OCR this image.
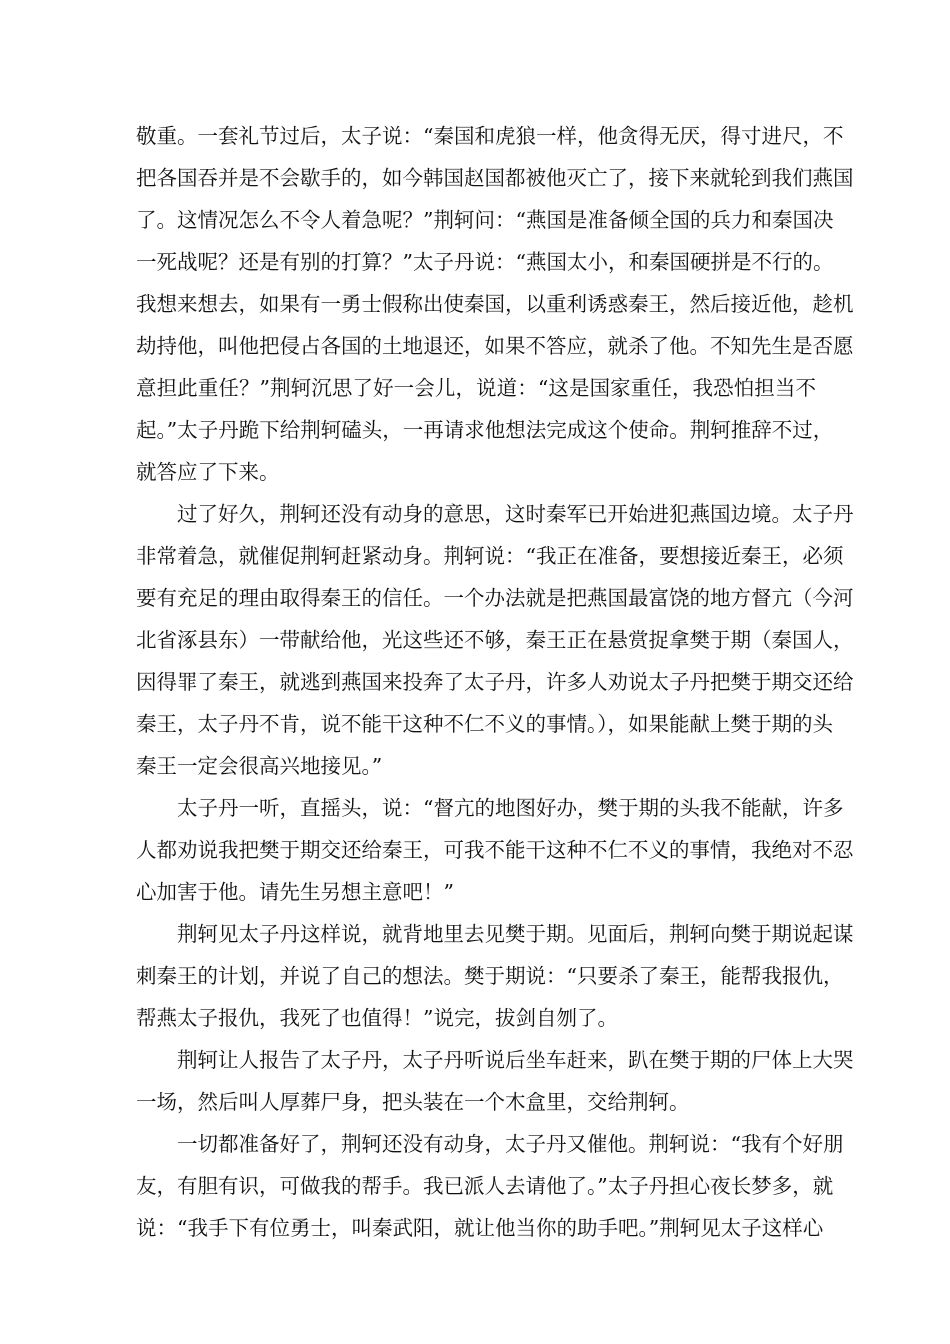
敬重。一套礼节过后，太子说：“秦国和虎狼一样，他贪得无厌，得寸进尺，不
把各国吞并是不会歇手的，如今韩国赵国都被他灭亡了，接下来就轮到我们燕国
了。这情况怎么不令人着急呢？”荆轲问：“燕国是准备倾全国的兵力和秦国决
一死战呢？还是有别的打算？”太子丹说：“燕国太小，和秦国硬拼是不行的。
我想来想去，如果有一勇士假称出使秦国，以重利诱惑秦王，然后接近他，趁机
劫持他，叫他把侵占各国的土地退还，如果不答应，就杀了他。不知先生是否愿
意担此重任？”荆轲沉思了好一会儿，说道：“这是国家重任，我恐怕担当不
起。”太子丹跪下给荆轲磕头，一再请求他想法完成这个使命。荆轲推辞不过，
就答应了下来。
过了好久，荆轲还没有动身的意思，这时秦军已开始进犯燕国边境。太子丹
非常着急，就催促荆轲赶紧动身。荆轲说：“我正在准备，要想接近秦王，必须
要有充足的理由取得秦王的信任。一个办法就是把燕国最富饶的地方督亢（今河
北省涿县东）一带献给他，光这些还不够，秦王正在悬赏捉拿樊于期（秦国人，
因得罪了秦王，就逃到燕国来投奔了太子丹，许多人劝说太子丹把樊于期交还给
秦王，太子丹不肯，说不能干这种不仁不义的事情。），如果能献上樊于期的头
秦王一定会很高兴地接见。”
太子丹一听，直摇头，说：“督亢的地图好办，樊于期的头我不能献，许多
人都劝说我把樊于期交还给秦王，可我不能干这种不仁不义的事情，我绝对不忍
心加害于他。请先生另想主意吧！”
荆轲见太子丹这样说，就背地里去见樊于期。见面后，荆轲向樊于期说起谋
刺秦王的计划，并说了自己的想法。樊于期说：“只要杀了秦王，能帮我报仇，
帮燕太子报仇，我死了也值得！”说完，拔剑自刎了。
荆轲让人报告了太子丹，太子丹听说后坐车赶来，趴在樊于期的尸体上大哭
一场，然后叫人厚葬尸身，把头装在一个木盒里，交给荆轲。
一切都准备好了，荆轲还没有动身，太子丹又催他。荆轲说：“我有个好朋
友，有胆有识，可做我的帮手。我已派人去请他了。”太子丹担心夜长梦多，就
说：“我手下有位勇士，叫秦武阳，就让他当你的助手吧。”荆轲见太子这样心
